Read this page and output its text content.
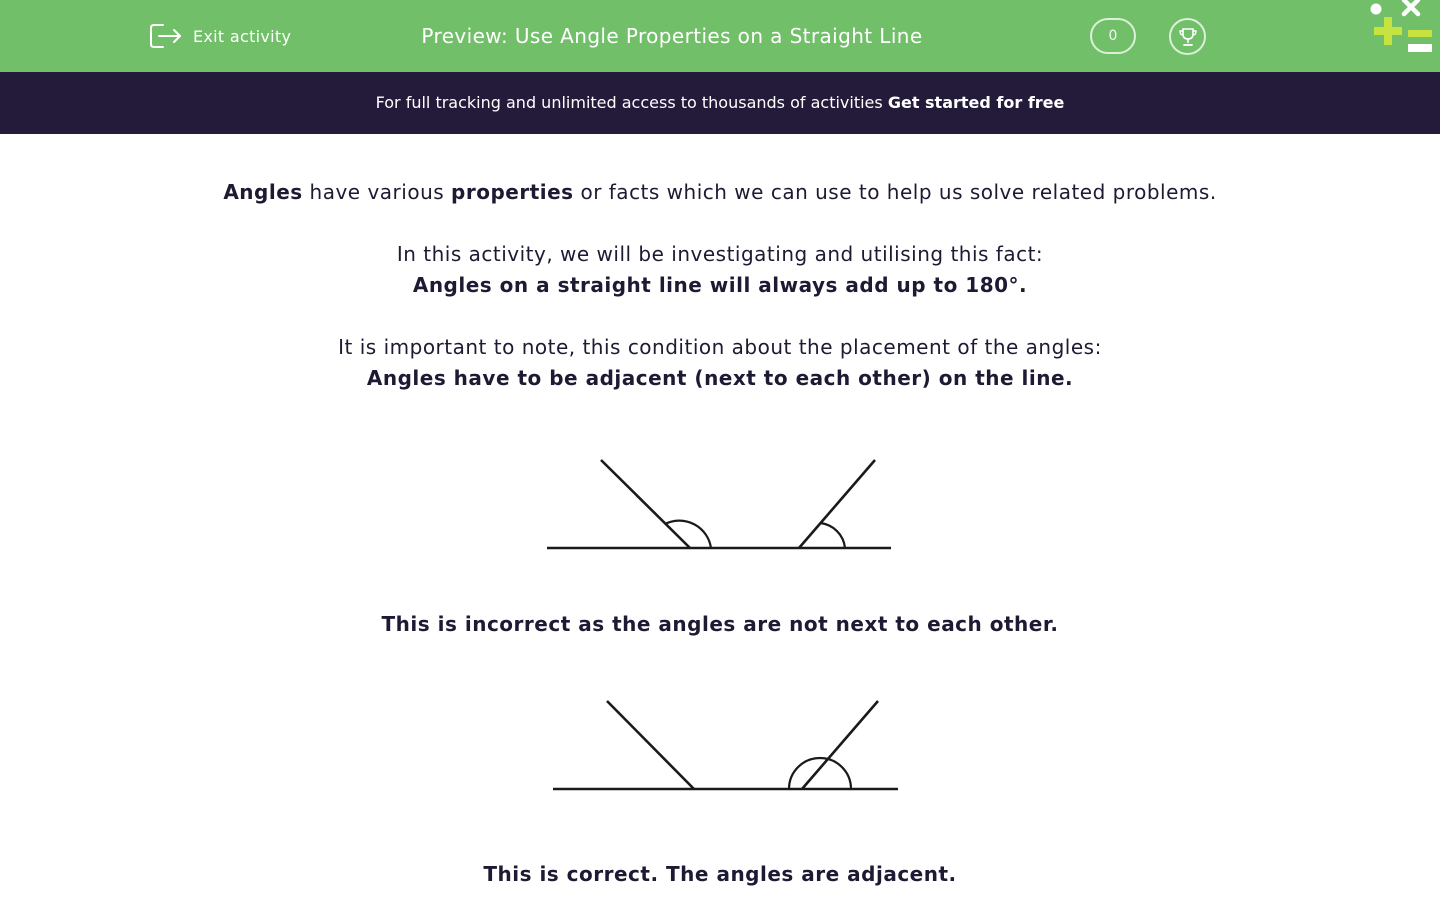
Exit activity	Preview: Use Angle Properties on a Straight Line	0
For full tracking and unlimited access to thousands of activities Get started for free

Angles have various properties or facts which we can use to help us solve related problems.

In this activity, we will be investigating and utilising this fact:

Angles on a straight line will always add up to 180°.

It is important to note, this condition about the placement of the angles:

Angles have to be adjacent (next to each other) on the line.

This is incorrect as the angles are not next to each other.

This is correct. The angles are adjacent.
